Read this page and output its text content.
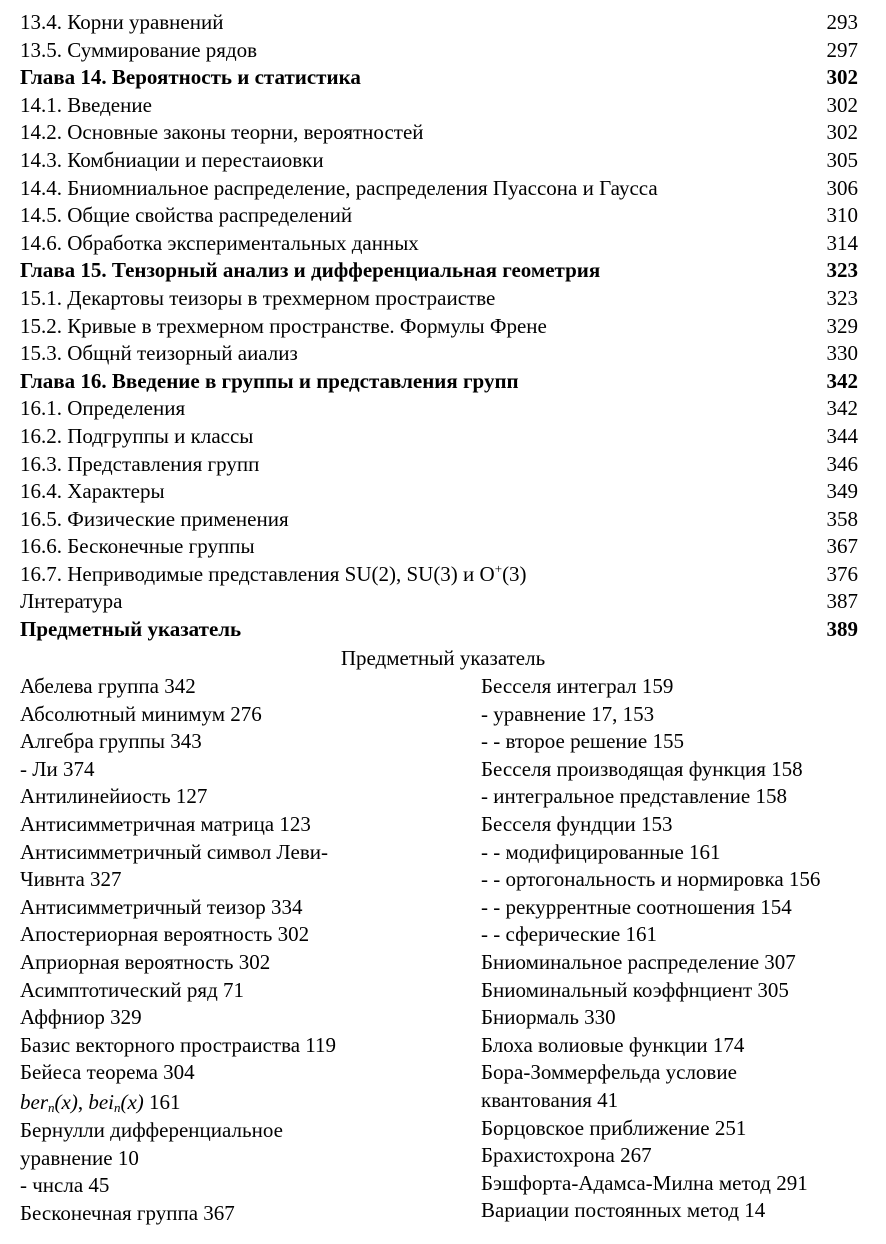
13.4. Корни уравнений	293
13.5. Суммирование рядов	297
Глава 14. Вероятность и статистика	302
14.1. Введение	302
14.2. Основные законы теорни, вероятностей	302
14.3. Комбниации и перестаиовки	305
14.4. Бниомниальное распределение, распределения Пуассона и Гаусса	306
14.5. Общие свойства распределений	310
14.6. Обработка экспериментальных данных	314
Глава 15. Тензорный анализ и дифференциальная геометрия	323
15.1. Декартовы теизоры в трехмерном простраистве	323
15.2. Кривые в трехмерном пространстве. Формулы Френе	329
15.3. Общнй теизорный аиализ	330
Глава 16. Введение в группы и представления групп	342
16.1. Определения	342
16.2. Подгруппы и классы	344
16.3. Представления групп	346
16.4. Характеры	349
16.5. Физические применения	358
16.6. Бесконечные группы	367
16.7. Неприводимые представления SU(2), SU(3) и O+(3)	376
Лнтература	387
Предметный указатель	389
Предметный указатель
Абелева группа 342
Абсолютный минимум 276
Алгебра группы 343
- Ли 374
Антилинейиость 127
Антисимметричная матрица 123
Антисимметричный символ Леви-
Чивнта 327
Антисимметричный теизор 334
Апостериорная вероятность 302
Априорная вероятность 302
Асимптотический ряд 71
Аффниор 329
Базис векторного простраиства 119
Бейеса теорема 304
ber$_n$(x), bei$_n$(x) 161
Бернулли дифференциальное
уравнение 10
- чнсла 45
Бесконечная группа 367
Бесселя интеграл 159
- уравнение 17, 153
- - второе решение 155
Бесселя производящая функция 158
- интегральное представление 158
Бесселя фундции 153
- - модифицированные 161
- - ортогональность и нормировка 156
- - рекуррентные соотношения 154
- - сферические 161
Бниоминальное распределение 307
Бниоминальный коэффнциент 305
Бниормаль 330
Блоха волиовые функции 174
Бора-Зоммерфельда условие
квантования 41
Борцовское приближение 251
Брахистохрона 267
Бэшфорта-Адамса-Милна метод 291
Вариации постоянных метод 14
